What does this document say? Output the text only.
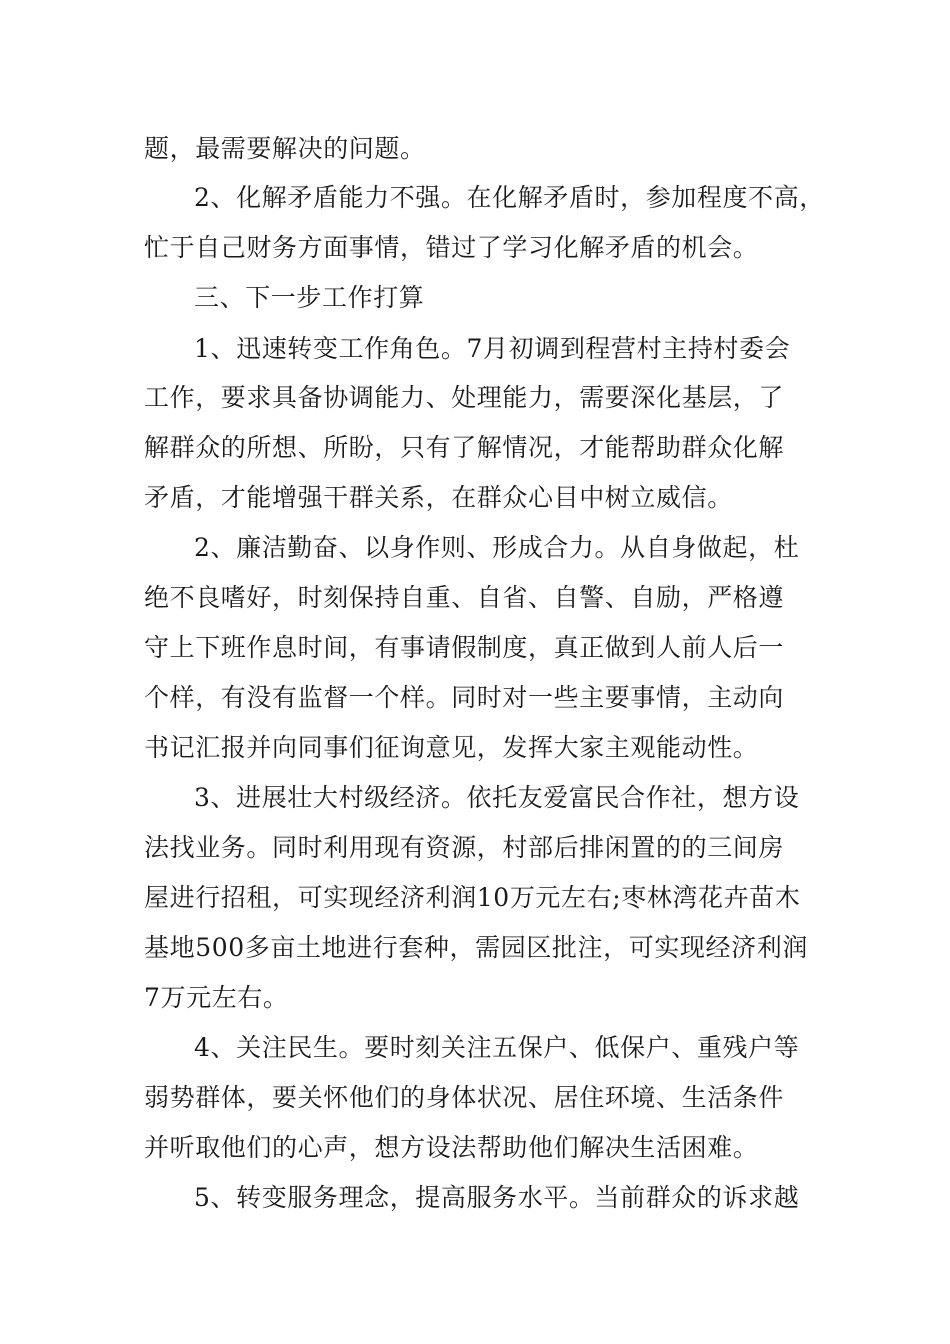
题，最需要解决的问题。
2、化解矛盾能力不强。在化解矛盾时，参加程度不高，
忙于自己财务方面事情，错过了学习化解矛盾的机会。
三、下一步工作打算
1、迅速转变工作角色。7月初调到程营村主持村委会
工作，要求具备协调能力、处理能力，需要深化基层，了
解群众的所想、所盼，只有了解情况，才能帮助群众化解
矛盾，才能增强干群关系，在群众心目中树立威信。
2、廉洁勤奋、以身作则、形成合力。从自身做起，杜
绝不良嗜好，时刻保持自重、自省、自警、自励，严格遵
守上下班作息时间，有事请假制度，真正做到人前人后一
个样，有没有监督一个样。同时对一些主要事情，主动向
书记汇报并向同事们征询意见，发挥大家主观能动性。
3、进展壮大村级经济。依托友爱富民合作社，想方设
法找业务。同时利用现有资源，村部后排闲置的的三间房
屋进行招租，可实现经济利润10万元左右;枣林湾花卉苗木
基地500多亩土地进行套种，需园区批注，可实现经济利润
7万元左右。
4、关注民生。要时刻关注五保户、低保户、重残户等
弱势群体，要关怀他们的身体状况、居住环境、生活条件
并听取他们的心声，想方设法帮助他们解决生活困难。
5、转变服务理念，提高服务水平。当前群众的诉求越
